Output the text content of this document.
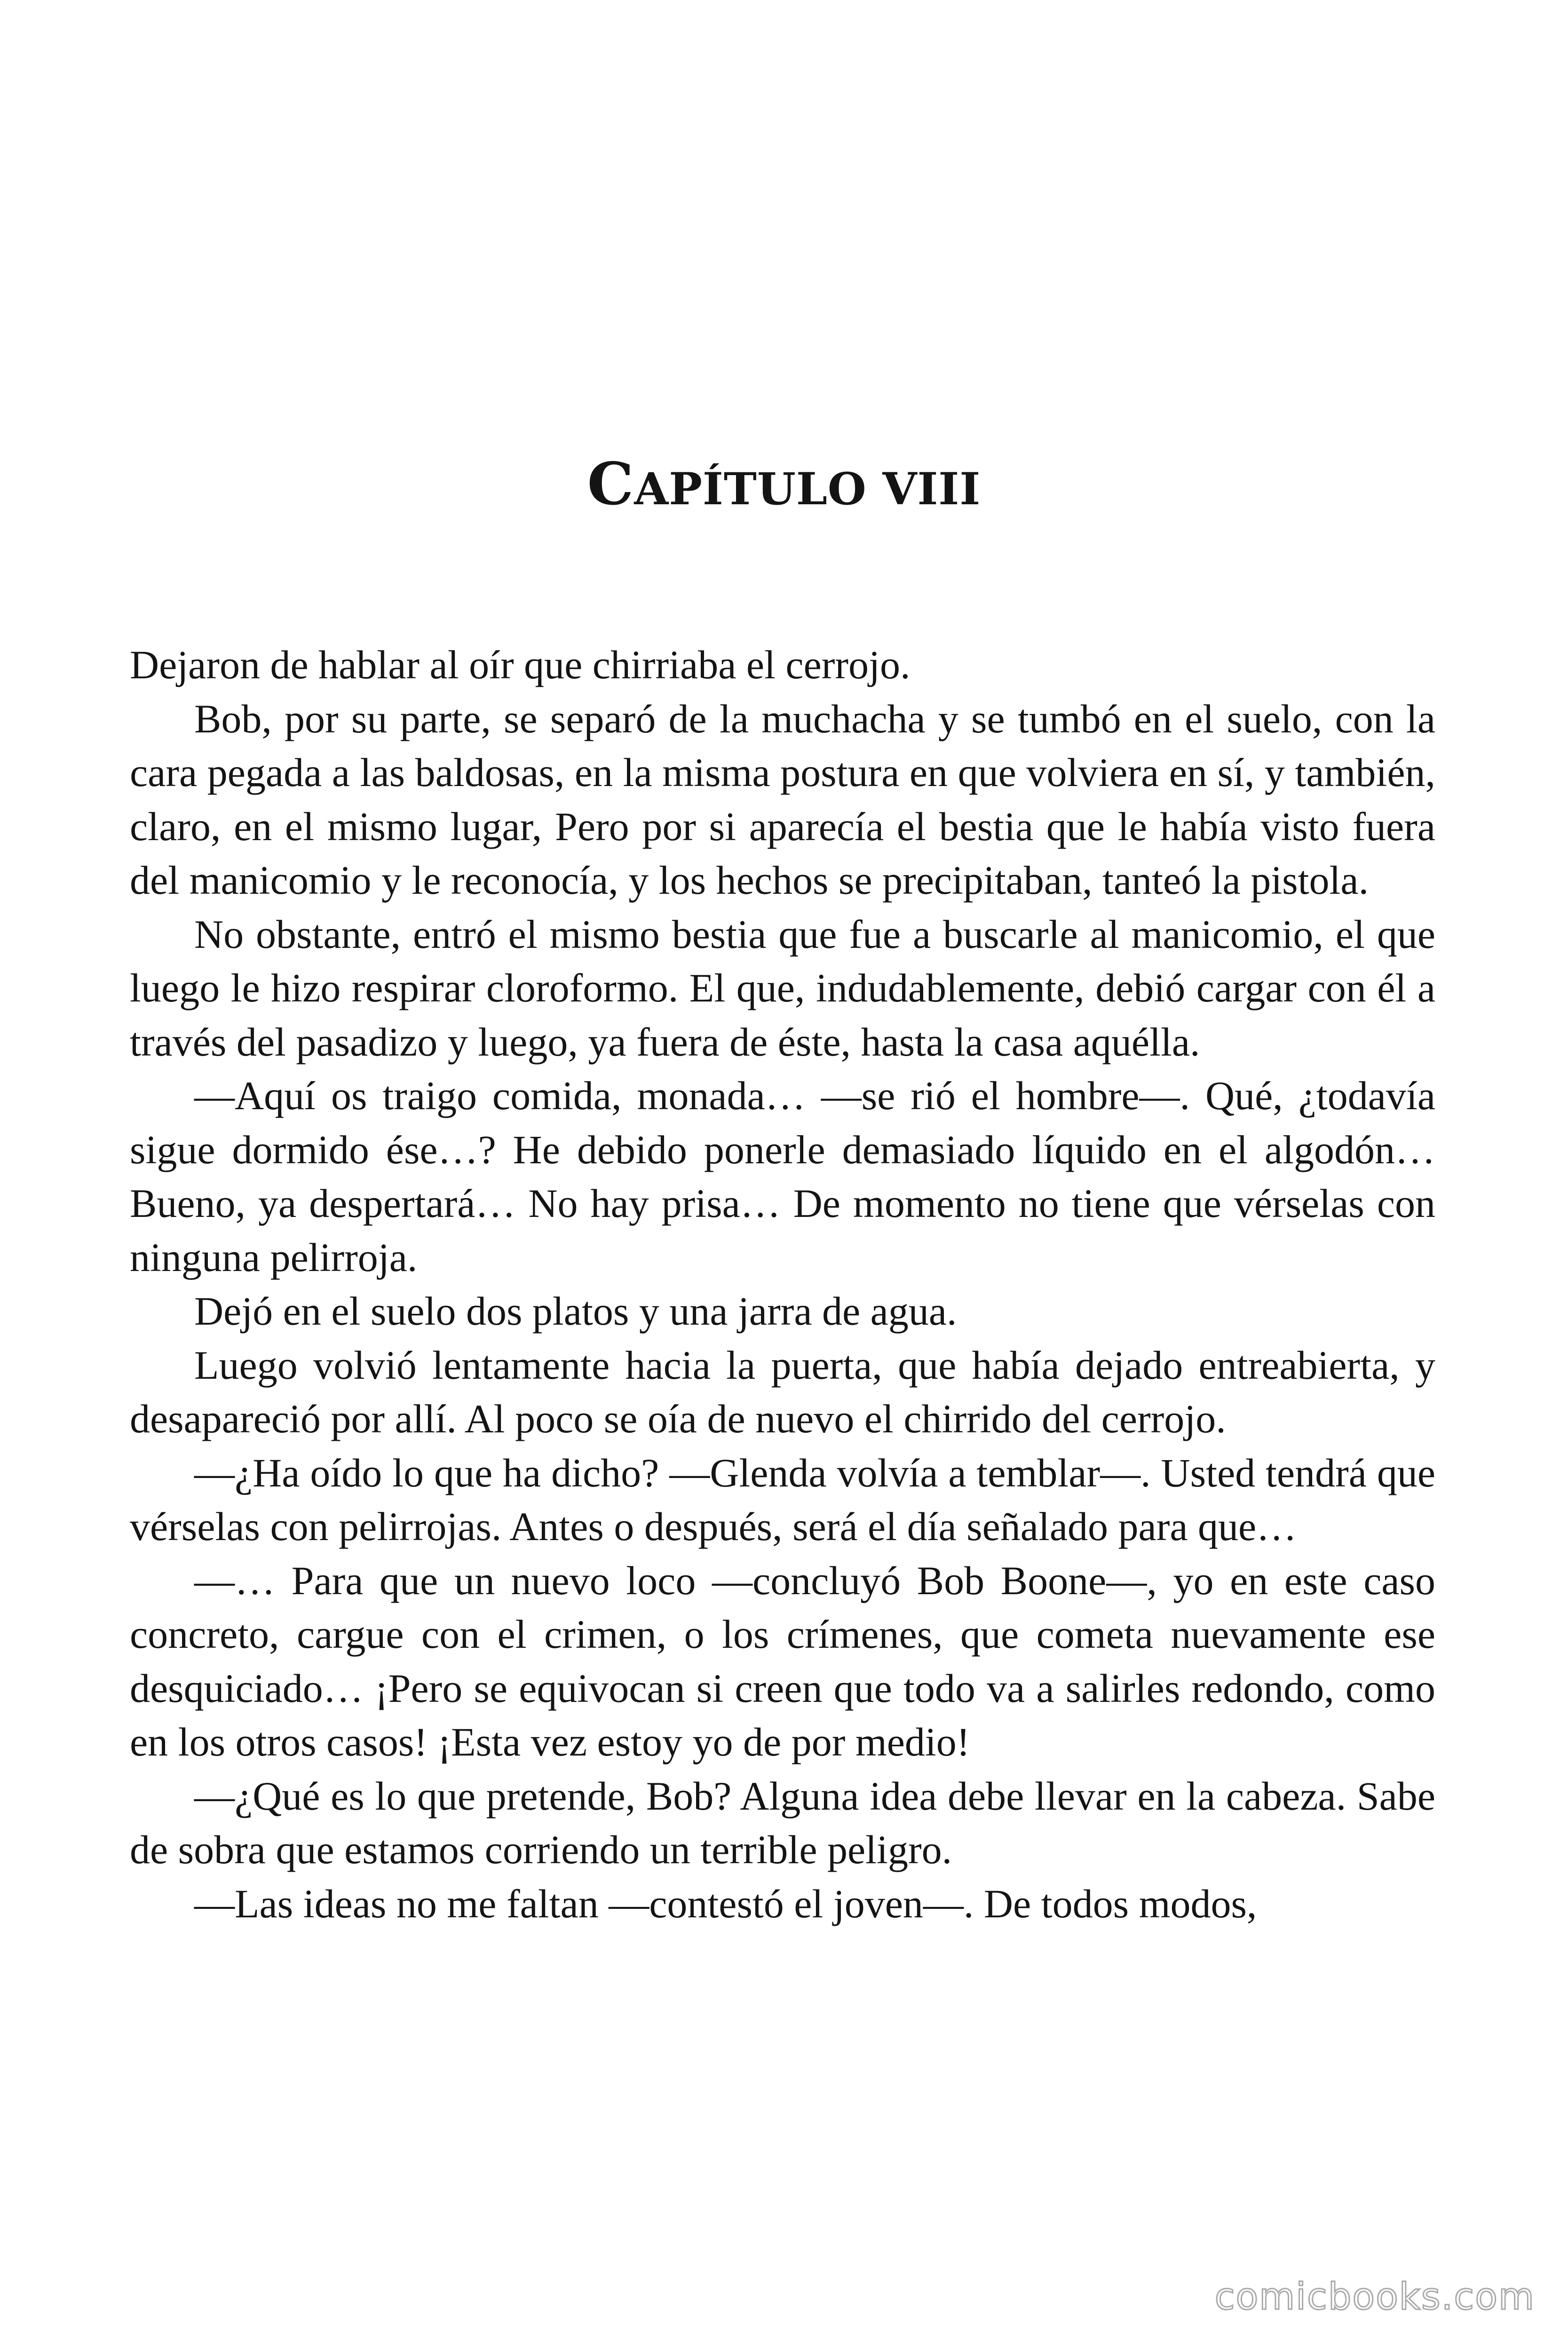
CAPÍTULO VIII

Dejaron de hablar al oír que chirriaba el cerrojo.

Bob, por su parte, se separó de la muchacha y se tumbó en el suelo, con la cara pegada a las baldosas, en la misma postura en que volviera en sí, y también, claro, en el mismo lugar, Pero por si aparecía el bestia que le había visto fuera del manicomio y le reconocía, y los hechos se precipitaban, tanteó la pistola.

No obstante, entró el mismo bestia que fue a buscarle al manicomio, el que luego le hizo respirar cloroformo. El que, indudablemente, debió cargar con él a través del pasadizo y luego, ya fuera de éste, hasta la casa aquélla.

—Aquí os traigo comida, monada… —se rió el hombre—. Qué, ¿todavía sigue dormido ése…? He debido ponerle demasiado líquido en el algodón… Bueno, ya despertará… No hay prisa… De momento no tiene que vérselas con ninguna pelirroja.

Dejó en el suelo dos platos y una jarra de agua.

Luego volvió lentamente hacia la puerta, que había dejado entreabierta, y desapareció por allí. Al poco se oía de nuevo el chirrido del cerrojo.

—¿Ha oído lo que ha dicho? —Glenda volvía a temblar—. Usted tendrá que vérselas con pelirrojas. Antes o después, será el día señalado para que…

—… Para que un nuevo loco —concluyó Bob Boone—, yo en este caso concreto, cargue con el crimen, o los crímenes, que cometa nuevamente ese desquiciado… ¡Pero se equivocan si creen que todo va a salirles redondo, como en los otros casos! ¡Esta vez estoy yo de por medio!

—¿Qué es lo que pretende, Bob? Alguna idea debe llevar en la cabeza. Sabe de sobra que estamos corriendo un terrible peligro.

—Las ideas no me faltan —contestó el joven—. De todos modos,

comicbooks.com
